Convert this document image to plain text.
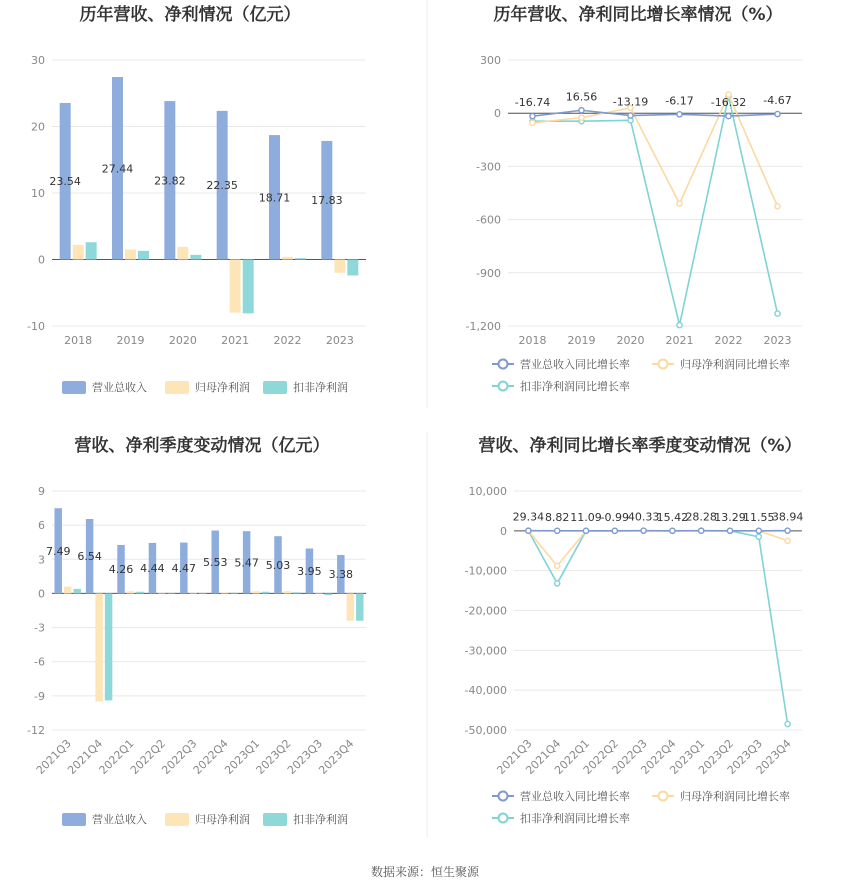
历年营收、净利情况（亿元）
-10
0
10
20
30
2018 2019 2020 2021 2022 2023
23.54
27.44
23.82 22.35
18.71 17.83
营业总收入	归母净利润	扣非净利润
历年营收、净利同比增长率情况（%）
-1,200
-900
-600
-300
0
300
2018 2019 2020 2021 2022 2023
-16.74 16.56 -13.19 -6.17 -16.32 -4.67
营业总收入同比增长率	归母净利润同比增长率
扣非净利润同比增长率
营收、净利季度变动情况（亿元）
-12
-9
-6
-3
0
3
6
9
2021Q3
2021Q4
2022Q1
2022Q2
2022Q3
2022Q4
2023Q1
2023Q2
2023Q3
2023Q4
7.49 6.54
4.26 4.44 4.47 5.53 5.47 5.03 3.95 3.38
营业总收入	归母净利润	扣非净利润
营收、净利同比增长率季度变动情况（%）
-50,000
-40,000
-30,000
-20,000
-10,000
0
10,000
2021Q3
2021Q4
2022Q1
2022Q2
2022Q3
2022Q4
2023Q1
2023Q2
2023Q3
2023Q4
29.34 8.82 11.09
-0.99
40.33
15.42
28.28
13.29
11.55
38.94
营业总收入同比增长率	归母净利润同比增长率
扣非净利润同比增长率
数据来源：恒生聚源
